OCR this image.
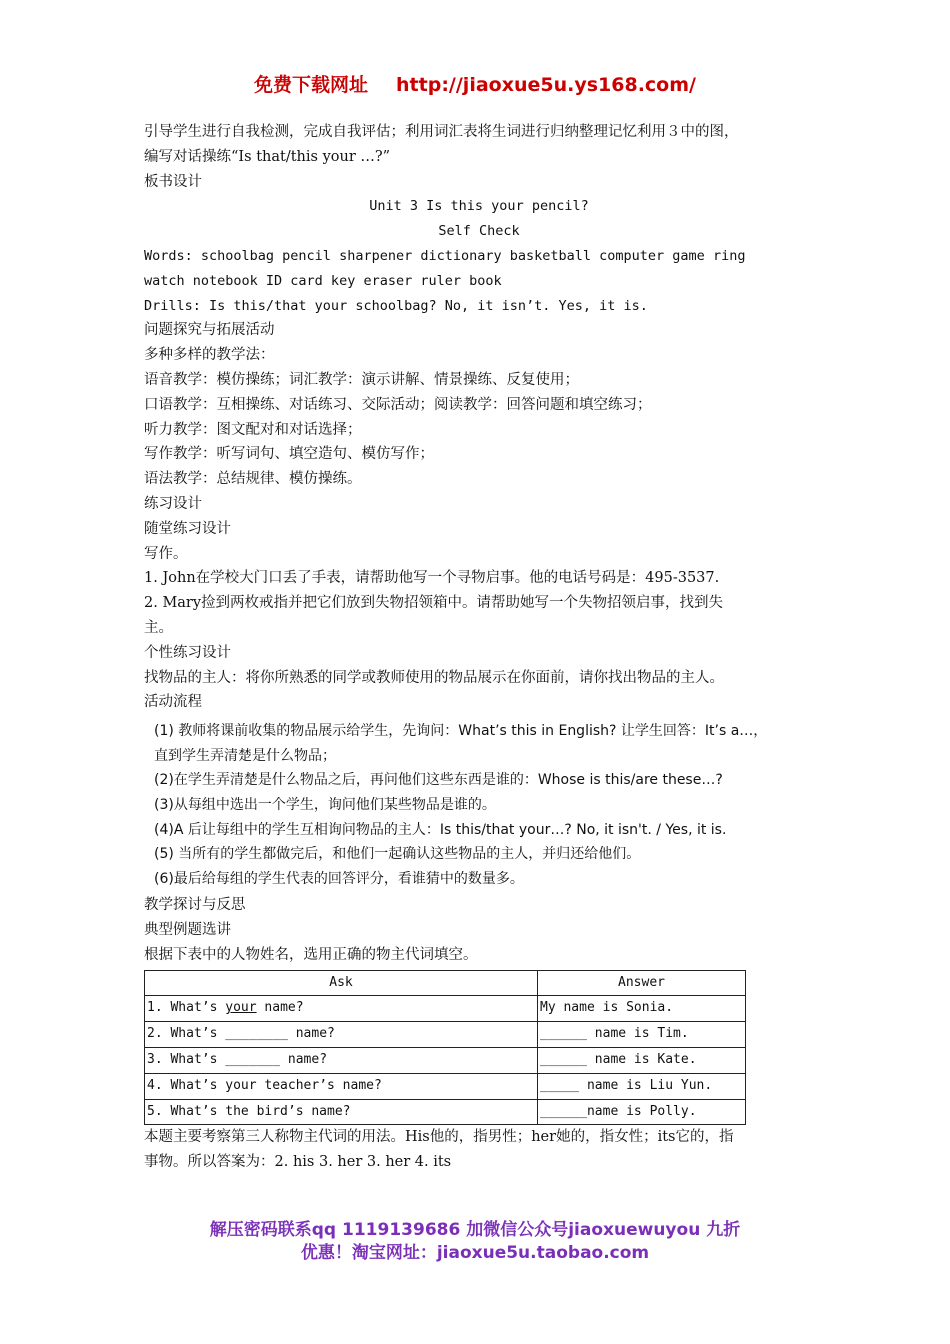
免费下载网址 http://jiaoxue5u.ys168.com/

引导学生进行自我检测，完成自我评估；利用词汇表将生词进行归纳整理记忆利用３中的图，

编写对话操练“Is that/this your …?”

板书设计

Unit 3 Is this your pencil?

Self Check

Words: schoolbag pencil sharpener dictionary basketball computer game ring

watch notebook ID card key eraser ruler book

Drills: Is this/that your schoolbag? No, it isn’t. Yes, it is.

问题探究与拓展活动

多种多样的教学法：

语音教学：模仿操练；词汇教学：演示讲解、情景操练、反复使用；

口语教学：互相操练、对话练习、交际活动；阅读教学：回答问题和填空练习；

听力教学：图文配对和对话选择；

写作教学：听写词句、填空造句、模仿写作；

语法教学：总结规律、模仿操练。

练习设计

随堂练习设计

写作。

1. John在学校大门口丢了手表，请帮助他写一个寻物启事。他的电话号码是：495-3537.

2. Mary捡到两枚戒指并把它们放到失物招领箱中。请帮助她写一个失物招领启事，找到失

主。

个性练习设计

找物品的主人：将你所熟悉的同学或教师使用的物品展示在你面前，请你找出物品的主人。

活动流程

(1) 教师将课前收集的物品展示给学生，先询问：What’s this in English? 让学生回答：It’s a…，

直到学生弄清楚是什么物品；

(2)在学生弄清楚是什么物品之后，再问他们这些东西是谁的：Whose is this/are these…?

(3)从每组中选出一个学生，询问他们某些物品是谁的。

(4)A 后让每组中的学生互相询问物品的主人：Is this/that your…? No, it isn't. / Yes, it is.

(5) 当所有的学生都做完后，和他们一起确认这些物品的主人，并归还给他们。

(6)最后给每组的学生代表的回答评分，看谁猜中的数量多。

教学探讨与反思

典型例题选讲

根据下表中的人物姓名，选用正确的物主代词填空。

Ask	Answer
1. What’s your name?	My name is Sonia.
2. What’s ________ name?	______ name is Tim.
3. What’s _______ name?	______ name is Kate.
4. What’s your teacher’s name?	_____ name is Liu Yun.
5. What’s the bird’s name?	______name is Polly.

本题主要考察第三人称物主代词的用法。His他的，指男性；her她的，指女性；its它的，指

事物。所以答案为：2. his 3. her 3. her 4. its

解压密码联系qq 1119139686 加微信公众号jiaoxuewuyou 九折
优惠！淘宝网址：jiaoxue5u.taobao.com
